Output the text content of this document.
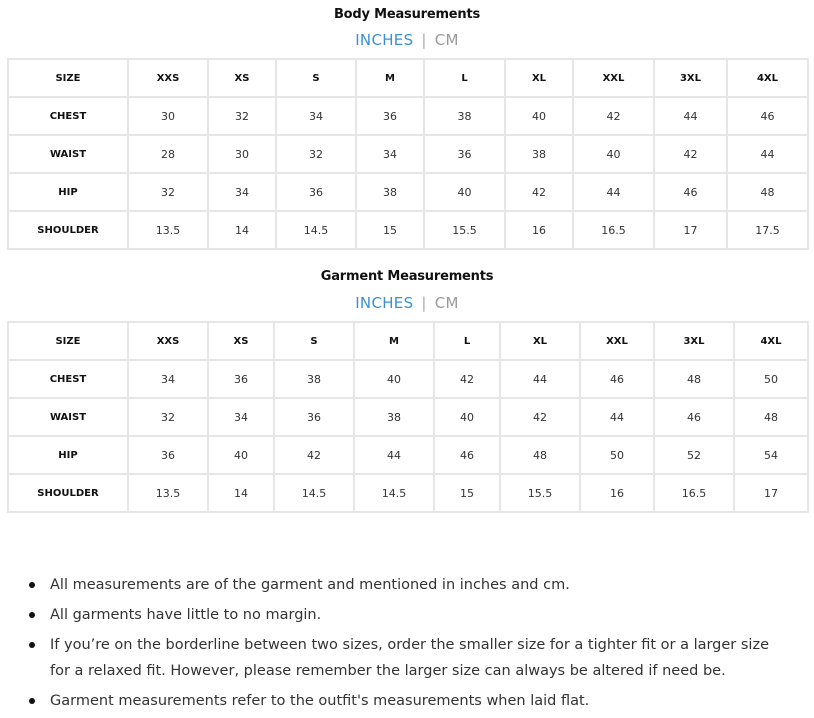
Body Measurements
INCHES | CM
SIZE	XXS	XS	S	M	L	XL	XXL	3XL	4XL
CHEST	30	32	34	36	38	40	42	44	46
WAIST	28	30	32	34	36	38	40	42	44
HIP	32	34	36	38	40	42	44	46	48
SHOULDER	13.5	14	14.5	15	15.5	16	16.5	17	17.5
Garment Measurements
INCHES | CM
SIZE	XXS	XS	S	M	L	XL	XXL	3XL	4XL
CHEST	34	36	38	40	42	44	46	48	50
WAIST	32	34	36	38	40	42	44	46	48
HIP	36	40	42	44	46	48	50	52	54
SHOULDER	13.5	14	14.5	14.5	15	15.5	16	16.5	17
All measurements are of the garment and mentioned in inches and cm.
All garments have little to no margin.
If you’re on the borderline between two sizes, order the smaller size for a tighter fit or a larger size for a relaxed fit. However, please remember the larger size can always be altered if need be.
Garment measurements refer to the outfit's measurements when laid flat.
